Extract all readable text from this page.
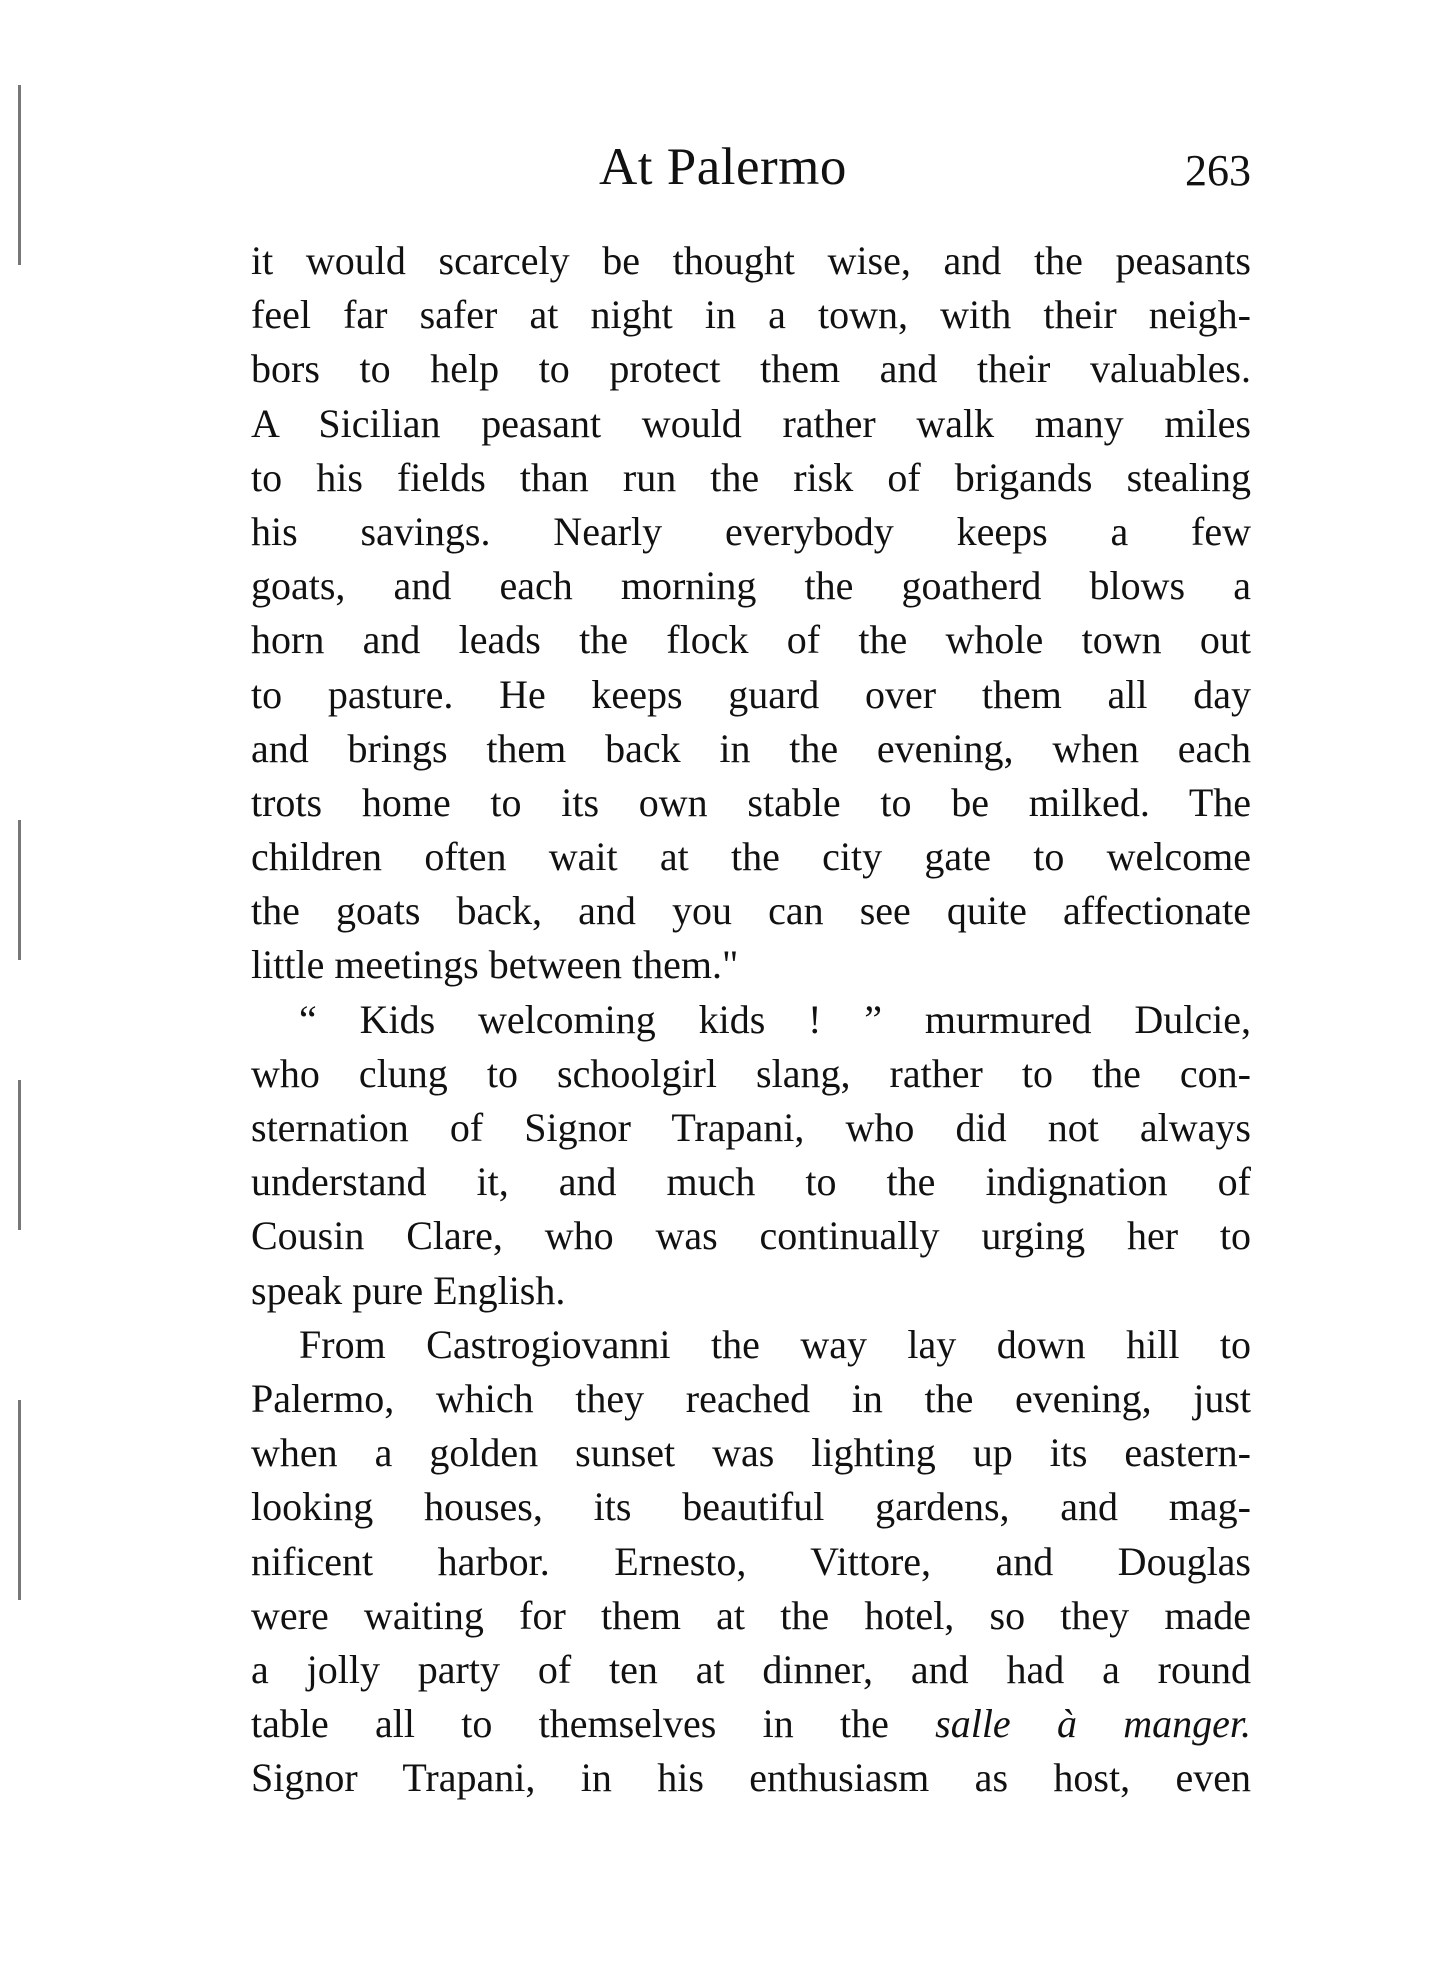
At Palermo	263
it would scarcely be thought wise, and the peasants
feel far safer at night in a town, with their neigh-
bors to help to protect them and their valuables.
A Sicilian peasant would rather walk many miles
to his fields than run the risk of brigands stealing
his savings. Nearly everybody keeps a few
goats, and each morning the goatherd blows a
horn and leads the flock of the whole town out
to pasture. He keeps guard over them all day
and brings them back in the evening, when each
trots home to its own stable to be milked. The
children often wait at the city gate to welcome
the goats back, and you can see quite affectionate
little meetings between them."
“ Kids welcoming kids ! ” murmured Dulcie,
who clung to schoolgirl slang, rather to the con-
sternation of Signor Trapani, who did not always
understand it, and much to the indignation of
Cousin Clare, who was continually urging her to
speak pure English.
From Castrogiovanni the way lay down hill to
Palermo, which they reached in the evening, just
when a golden sunset was lighting up its eastern-
looking houses, its beautiful gardens, and mag-
nificent harbor. Ernesto, Vittore, and Douglas
were waiting for them at the hotel, so they made
a jolly party of ten at dinner, and had a round
table all to themselves in the salle à manger.
Signor Trapani, in his enthusiasm as host, even
